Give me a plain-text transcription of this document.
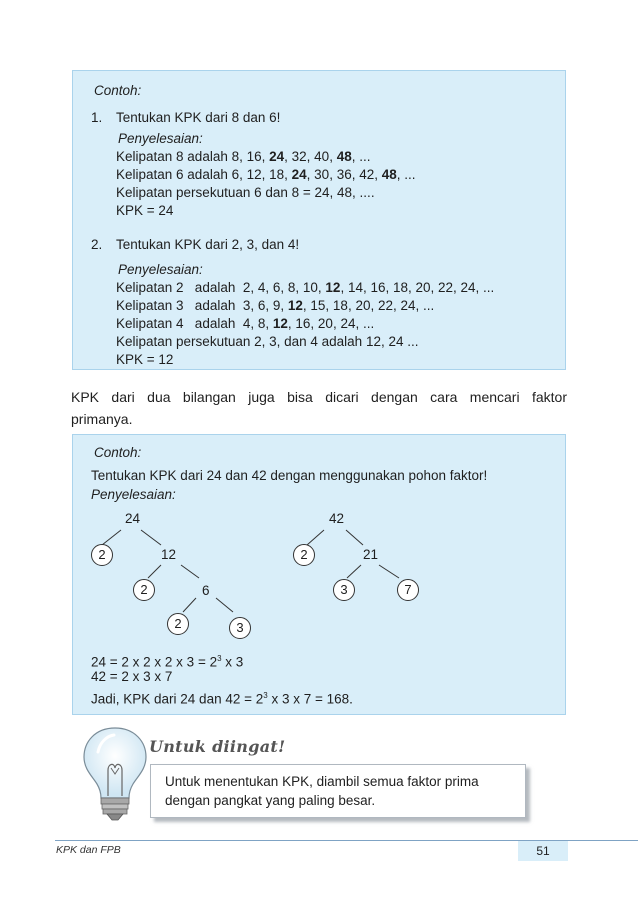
Contoh:
1. Tentukan KPK dari 8 dan 6!
Penyelesaian:
Kelipatan 8 adalah 8, 16, 24, 32, 40, 48, ...
Kelipatan 6 adalah 6, 12, 18, 24, 30, 36, 42, 48, ...
Kelipatan persekutuan 6 dan 8 = 24, 48, ....
KPK = 24
2. Tentukan KPK dari 2, 3, dan 4!
Penyelesaian:
Kelipatan 2   adalah  2, 4, 6, 8, 10, 12, 14, 16, 18, 20, 22, 24, ...
Kelipatan 3   adalah  3, 6, 9, 12, 15, 18, 20, 22, 24, ...
Kelipatan 4   adalah  4, 8, 12, 16, 20, 24, ...
Kelipatan persekutuan 2, 3, dan 4 adalah 12, 24 ...
KPK = 12
KPK dari dua bilangan juga bisa dicari dengan cara mencari faktor
primanya.
Contoh:
Tentukan KPK dari 24 dan 42 dengan menggunakan pohon faktor!
Penyelesaian:
24
2	12
2	6
2	3
42
2	21
3	7
24 = 2 x 2 x 2 x $3 = 2^3$ x 3
42 = 2 x 3 x 7
Jadi, KPK dari 24 dan $42 = 2^3$ x 3 x 7 = 168.
Untuk diingat!
Untuk menentukan KPK, diambil semua faktor prima
dengan pangkat yang paling besar.
KPK dan FPB	51
